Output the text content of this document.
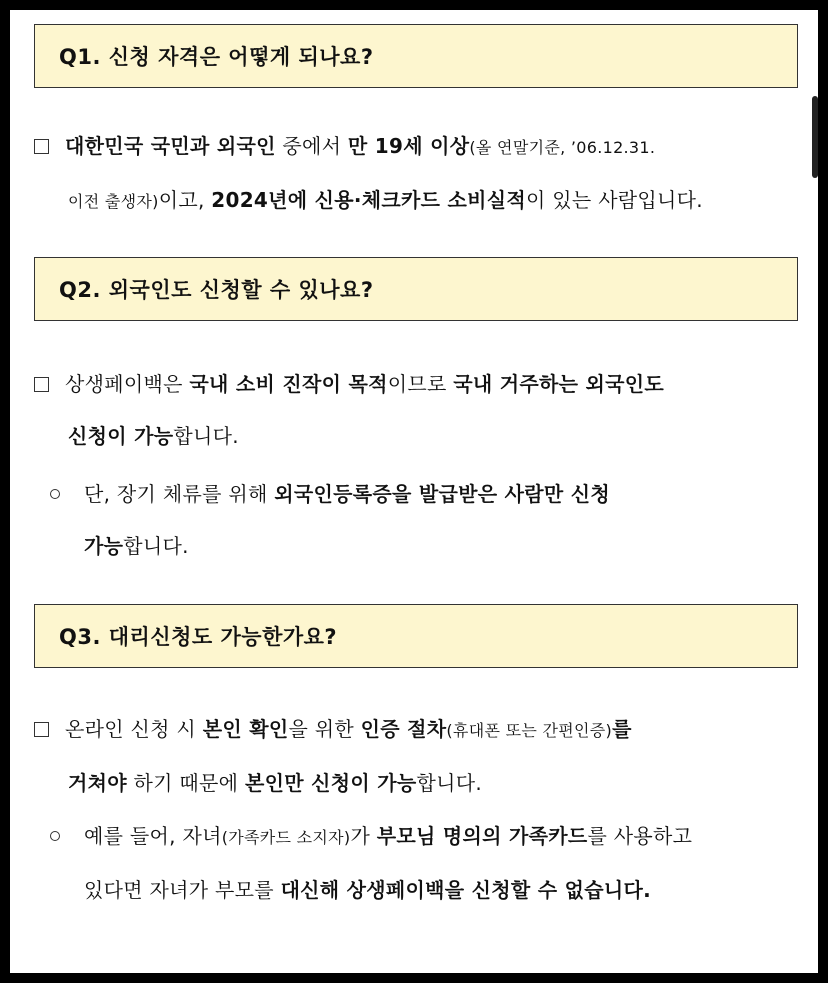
Q1. 신청 자격은 어떻게 되나요?
대한민국 국민과 외국인 중에서 만 19세 이상(올 연말기준, ’06.12.31.
이전 출생자)이고, 2024년에 신용·체크카드 소비실적이 있는 사람입니다.
Q2. 외국인도 신청할 수 있나요?
상생페이백은 국내 소비 진작이 목적이므로 국내 거주하는 외국인도
신청이 가능합니다.
단, 장기 체류를 위해 외국인등록증을 발급받은 사람만 신청
가능합니다.
Q3. 대리신청도 가능한가요?
온라인 신청 시 본인 확인을 위한 인증 절차(휴대폰 또는 간편인증)를
거쳐야 하기 때문에 본인만 신청이 가능합니다.
예를 들어, 자녀(가족카드 소지자)가 부모님 명의의 가족카드를 사용하고
있다면 자녀가 부모를 대신해 상생페이백을 신청할 수 없습니다.
